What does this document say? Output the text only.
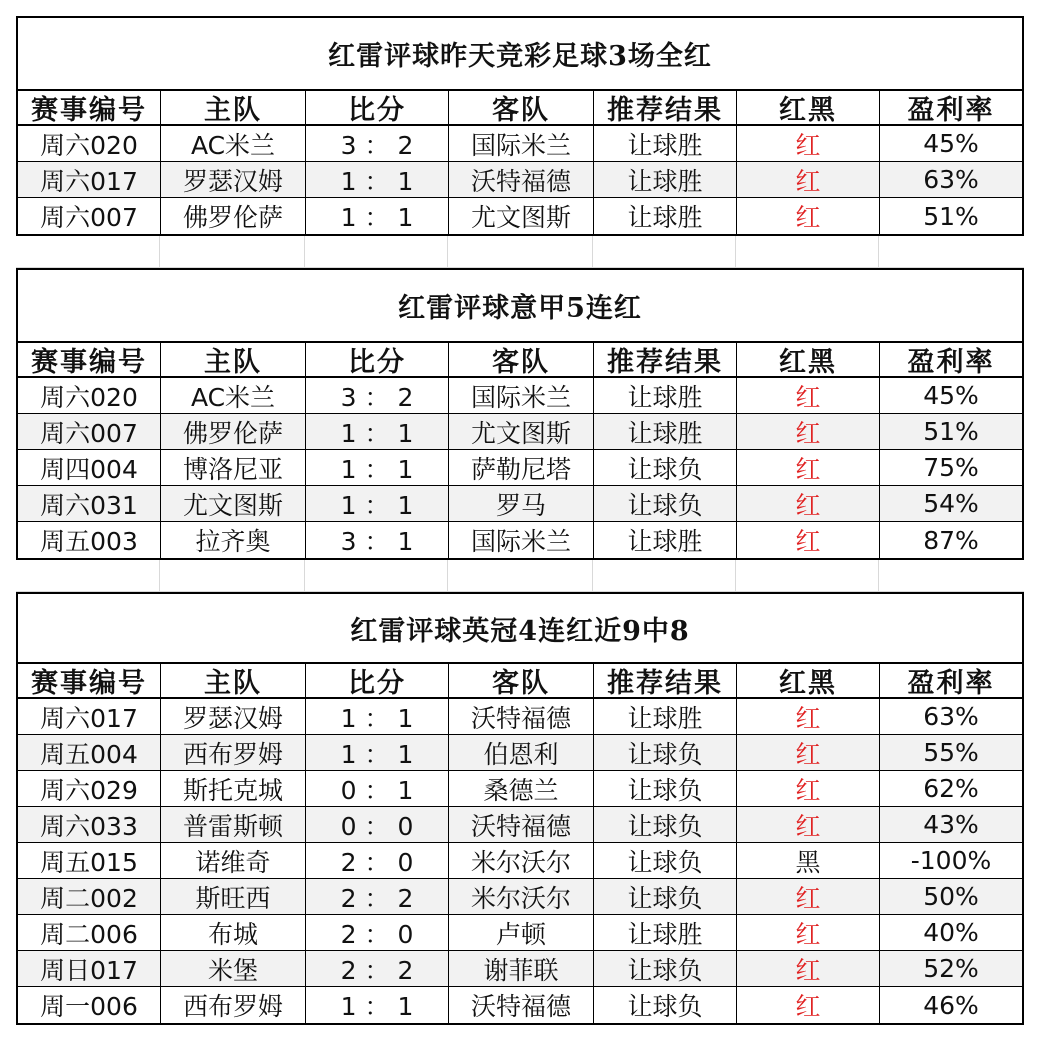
红雷评球昨天竞彩足球3场全红
赛事编号	主队	比分	客队	推荐结果	红黑	盈利率
周六020	AC米兰	3 ： 2	国际米兰	让球胜	红	45%
周六017	罗瑟汉姆	1 ： 1	沃特福德	让球胜	红	63%
周六007	佛罗伦萨	1 ： 1	尤文图斯	让球胜	红	51%
红雷评球意甲5连红
赛事编号	主队	比分	客队	推荐结果	红黑	盈利率
周六020	AC米兰	3 ： 2	国际米兰	让球胜	红	45%
周六007	佛罗伦萨	1 ： 1	尤文图斯	让球胜	红	51%
周四004	博洛尼亚	1 ： 1	萨勒尼塔	让球负	红	75%
周六031	尤文图斯	1 ： 1	罗马	让球负	红	54%
周五003	拉齐奥	3 ： 1	国际米兰	让球胜	红	87%
红雷评球英冠4连红近9中8
赛事编号	主队	比分	客队	推荐结果	红黑	盈利率
周六017	罗瑟汉姆	1 ： 1	沃特福德	让球胜	红	63%
周五004	西布罗姆	1 ： 1	伯恩利	让球负	红	55%
周六029	斯托克城	0 ： 1	桑德兰	让球负	红	62%
周六033	普雷斯顿	0 ： 0	沃特福德	让球负	红	43%
周五015	诺维奇	2 ： 0	米尔沃尔	让球负	黑	-100%
周二002	斯旺西	2 ： 2	米尔沃尔	让球负	红	50%
周二006	布城	2 ： 0	卢顿	让球胜	红	40%
周日017	米堡	2 ： 2	谢菲联	让球负	红	52%
周一006	西布罗姆	1 ： 1	沃特福德	让球负	红	46%
